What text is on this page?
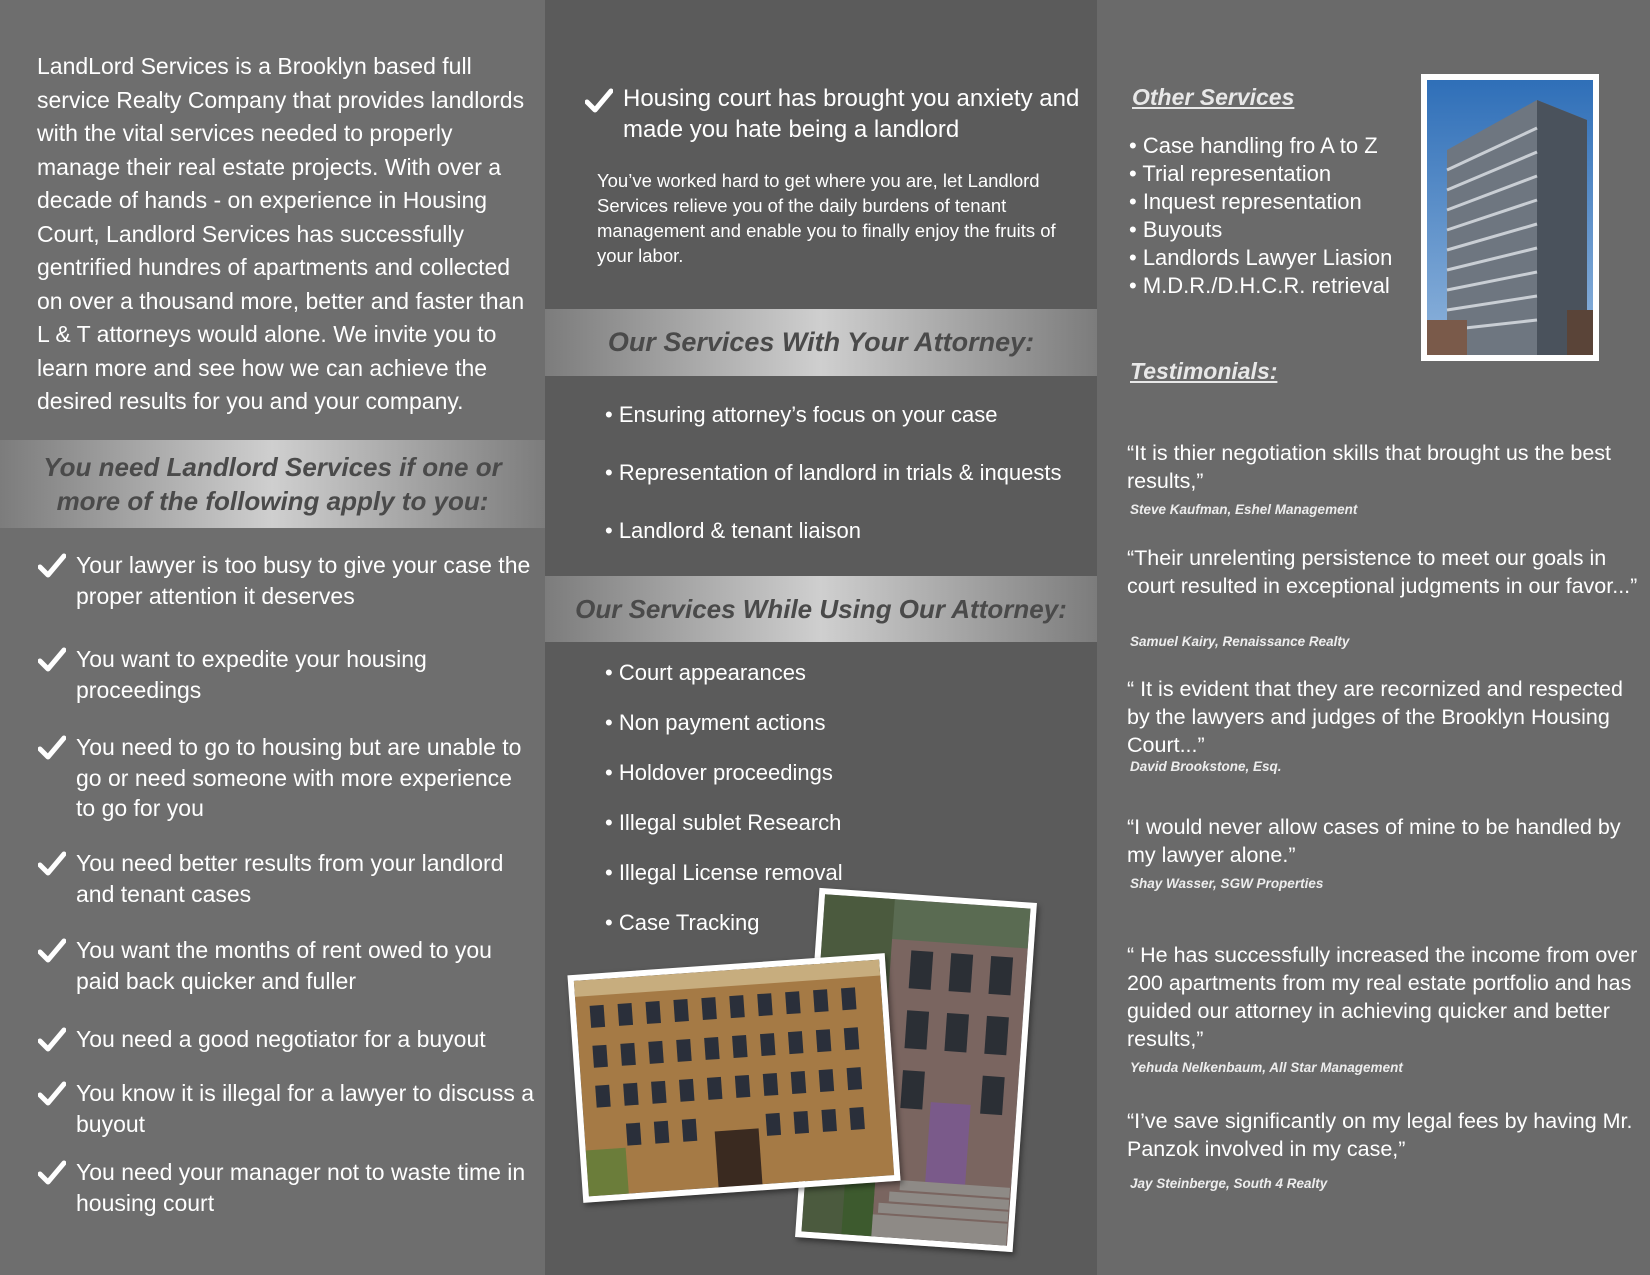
LandLord Services is a Brooklyn based full service Realty Company that provides landlords with the vital services needed to properly manage their real estate projects. With over a decade of hands - on experience in Housing Court, Landlord Services has successfully gentrified hundres of apartments and collected on over a thousand more, better and faster than L & T attorneys would alone. We invite you to learn more and see how we can achieve the desired results for you and your company.

You need Landlord Services if one or more of the following apply to you:
Your lawyer is too busy to give your case the proper attention it deserves
You want to expedite your housing proceedings
You need to go to housing but are unable to go or need someone with more experience to go for you
You need better results from your landlord and tenant cases
You want the months of rent owed to you paid back quicker and fuller
You need a good negotiator for a buyout
You know it is illegal for a lawyer to discuss a buyout
You need your manager not to waste time in housing court
Housing court has brought you anxiety and made you hate being a landlord

You’ve worked hard to get where you are, let Landlord Services relieve you of the daily burdens of tenant management and enable you to finally enjoy the fruits of your labor.

Our Services With Your Attorney:
• Ensuring attorney’s focus on your case
• Representation of landlord in trials & inquests
• Landlord & tenant liaison
Our Services While Using Our Attorney:
• Court appearances
• Non payment actions
• Holdover proceedings
• Illegal sublet Research
• Illegal License removal
• Case Tracking
Other Services
• Case handling fro A to Z
• Trial representation
• Inquest representation
• Buyouts
• Landlords Lawyer Liasion
• M.D.R./D.H.C.R. retrieval
Testimonials:

“It is thier negotiation skills that brought us the best results,”

Steve Kaufman, Eshel Management

“Their unrelenting persistence to meet our goals in court resulted in exceptional judgments in our favor...”

Samuel Kairy, Renaissance Realty

“ It is evident that they are recornized and respected by the lawyers and judges of the Brooklyn Housing Court...”

David Brookstone, Esq.

“I would never allow cases of mine to be handled by my lawyer alone.”

Shay Wasser, SGW Properties

“ He has successfully increased the income from over 200 apartments from my real estate portfolio and has guided our attorney in achieving quicker and better results,”

Yehuda Nelkenbaum, All Star Management

“I’ve save significantly on my legal fees by having Mr. Panzok involved in my case,”

Jay Steinberge, South 4 Realty
